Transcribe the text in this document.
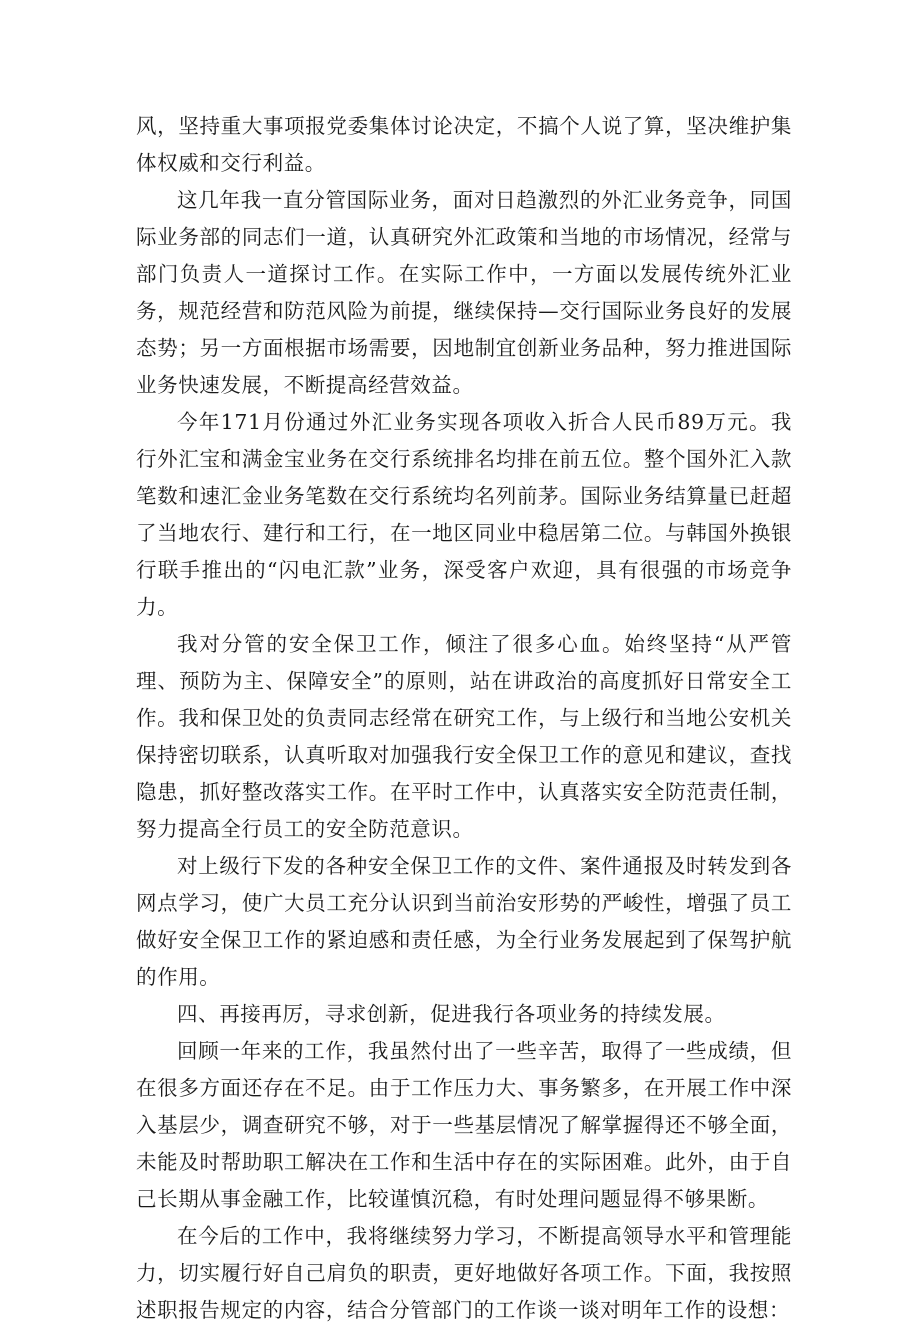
风，坚持重大事项报党委集体讨论决定，不搞个人说了算，坚决维护集体权威和交行利益。

这几年我一直分管国际业务，面对日趋激烈的外汇业务竞争，同国际业务部的同志们一道，认真研究外汇政策和当地的市场情况，经常与部门负责人一道探讨工作。在实际工作中，一方面以发展传统外汇业务，规范经营和防范风险为前提，继续保持—交行国际业务良好的发展态势；另一方面根据市场需要，因地制宜创新业务品种，努力推进国际业务快速发展，不断提高经营效益。

今年171月份通过外汇业务实现各项收入折合人民币89万元。我行外汇宝和满金宝业务在交行系统排名均排在前五位。整个国外汇入款笔数和速汇金业务笔数在交行系统均名列前茅。国际业务结算量已赶超了当地农行、建行和工行，在一地区同业中稳居第二位。与韩国外换银行联手推出的“闪电汇款”业务，深受客户欢迎，具有很强的市场竞争力。

我对分管的安全保卫工作，倾注了很多心血。始终坚持“从严管理、预防为主、保障安全”的原则，站在讲政治的高度抓好日常安全工作。我和保卫处的负责同志经常在研究工作，与上级行和当地公安机关保持密切联系，认真听取对加强我行安全保卫工作的意见和建议，查找隐患，抓好整改落实工作。在平时工作中，认真落实安全防范责任制，努力提高全行员工的安全防范意识。

对上级行下发的各种安全保卫工作的文件、案件通报及时转发到各网点学习，使广大员工充分认识到当前治安形势的严峻性，增强了员工做好安全保卫工作的紧迫感和责任感，为全行业务发展起到了保驾护航的作用。

四、再接再厉，寻求创新，促进我行各项业务的持续发展。

回顾一年来的工作，我虽然付出了一些辛苦，取得了一些成绩，但在很多方面还存在不足。由于工作压力大、事务繁多，在开展工作中深入基层少，调查研究不够，对于一些基层情况了解掌握得还不够全面，未能及时帮助职工解决在工作和生活中存在的实际困难。此外，由于自己长期从事金融工作，比较谨慎沉稳，有时处理问题显得不够果断。

在今后的工作中，我将继续努力学习，不断提高领导水平和管理能力，切实履行好自己肩负的职责，更好地做好各项工作。下面，我按照述职报告规定的内容，结合分管部门的工作谈一谈对明年工作的设想：
